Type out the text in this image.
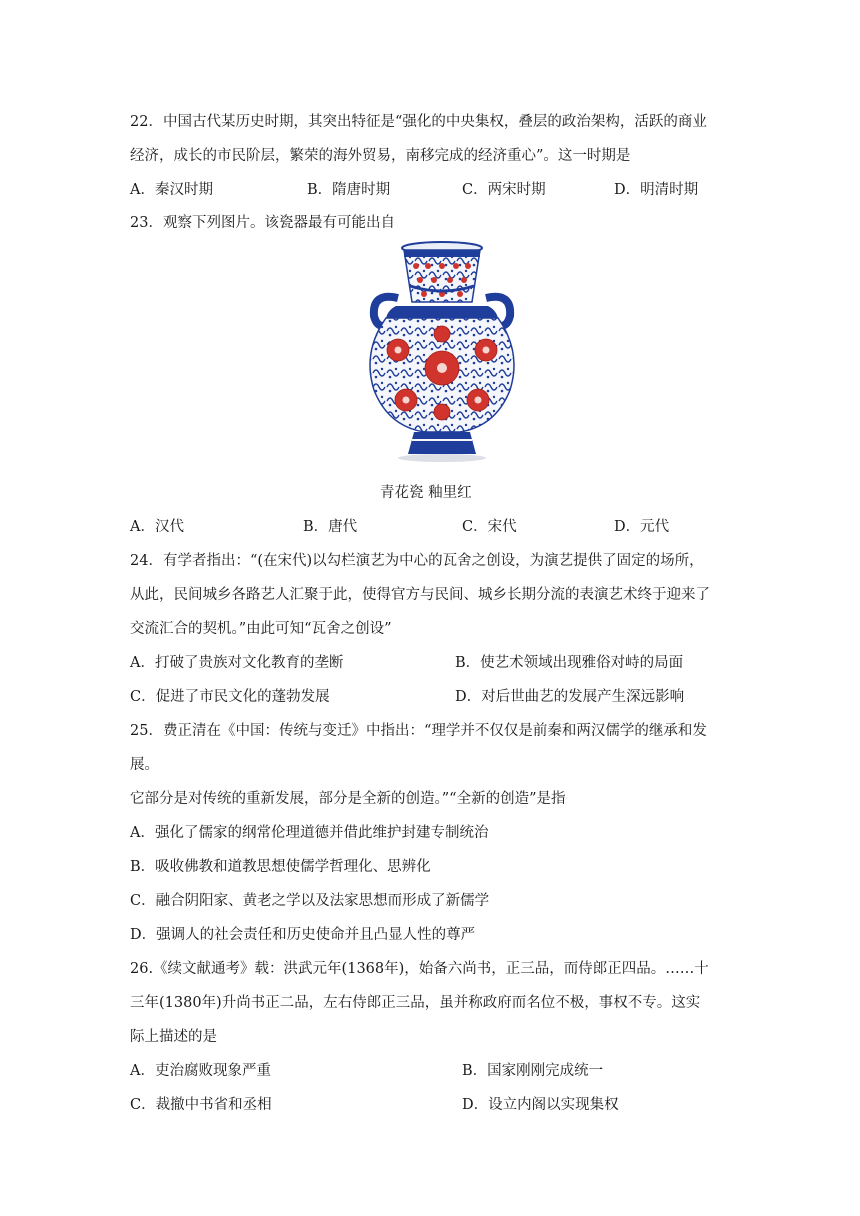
22．中国古代某历史时期，其突出特征是“强化的中央集权，叠层的政治架构，活跃的商业
经济，成长的市民阶层，繁荣的海外贸易，南移完成的经济重心”。这一时期是
A．秦汉时期	B．隋唐时期	C．两宋时期	D．明清时期
23．观察下列图片。该瓷器最有可能出自
青花瓷 釉里红
A．汉代	B．唐代	C．宋代	D．元代
24．有学者指出：“(在宋代)以勾栏演艺为中心的瓦舍之创设，为演艺提供了固定的场所，
从此，民间城乡各路艺人汇聚于此，使得官方与民间、城乡长期分流的表演艺术终于迎来了
交流汇合的契机。”由此可知“瓦舍之创设”
A．打破了贵族对文化教育的垄断	B．使艺术领域出现雅俗对峙的局面
C．促进了市民文化的蓬勃发展	D．对后世曲艺的发展产生深远影响
25．费正清在《中国：传统与变迁》中指出：“理学并不仅仅是前秦和两汉儒学的继承和发
展。
它部分是对传统的重新发展，部分是全新的创造。”“全新的创造”是指
A．强化了儒家的纲常伦理道德并借此维护封建专制统治
B．吸收佛教和道教思想使儒学哲理化、思辨化
C．融合阴阳家、黄老之学以及法家思想而形成了新儒学
D．强调人的社会责任和历史使命并且凸显人性的尊严
26.《续文献通考》载：洪武元年(1368年)，始备六尚书，正三品，而侍郎正四品。……十
三年(1380年)升尚书正二品，左右侍郎正三品，虽并称政府而名位不极，事权不专。这实
际上描述的是
A．吏治腐败现象严重	B．国家刚刚完成统一
C．裁撤中书省和丞相	D．设立内阁以实现集权
